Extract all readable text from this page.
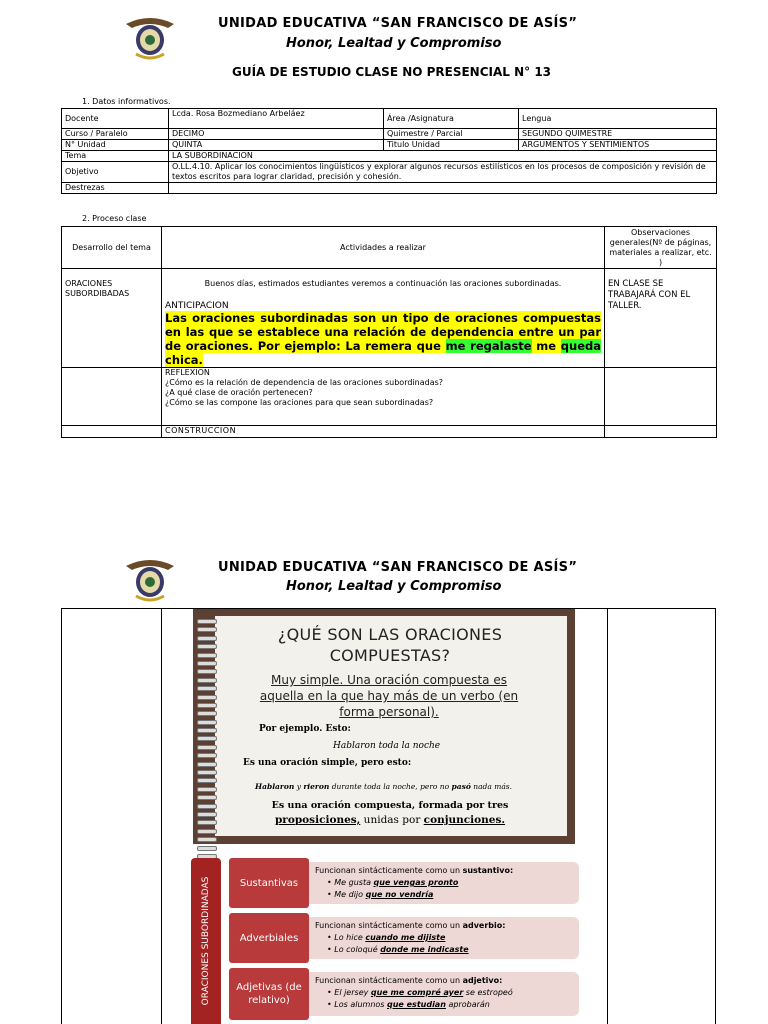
UNIDAD EDUCATIVA “SAN FRANCISCO DE ASÍS”
Honor, Lealtad y Compromiso
GUÍA DE ESTUDIO CLASE NO PRESENCIAL N° 13
1. Datos informativos.
Docente	Lcda. Rosa Bozmediano Arbeláez	Área /Asignatura	Lengua
Curso / Paralelo	DECIMO	Quimestre / Parcial	SEGUNDO QUIMESTRE
N° Unidad	QUINTA	Titulo Unidad	ARGUMENTOS Y SENTIMIENTOS
Tema	LA SUBORDINACION		
Objetivo	O.LL.4.10. Aplicar los conocimientos lingüísticos y explorar algunos recursos estilísticos en los procesos de composición y revisión de textos escritos para lograr claridad, precisión y cohesión.		
Destrezas			
2. Proceso clase
Desarrollo del tema	Actividades a realizar	Observaciones generales(Nº de páginas, materiales a realizar, etc. )
ORACIONES SUBORDIBADAS	Buenos días, estimados estudiantes veremos a continuación las oraciones subordinadas.
ANTICIPACION
Las oraciones subordinadas son un tipo de oraciones compuestas en las que se establece una relación de dependencia entre un par de oraciones. Por ejemplo: La remera que me regalaste me queda chica.	EN CLASE SE TRABAJARÁ CON EL TALLER.

	REFLEXION
¿Cómo es la relación de dependencia de las oraciones subordinadas?
¿A qué clase de oración pertenecen?
¿Cómo se las compone las oraciones para que sean subordinadas?	

	CONSTRUCCION	
UNIDAD EDUCATIVA “SAN FRANCISCO DE ASÍS”
Honor, Lealtad y Compromiso
¿QUÉ SON LAS ORACIONES COMPUESTAS?
Muy simple. Una oración compuesta es aquella en la que hay más de un verbo (en forma personal).
Por ejemplo. Esto:
Hablaron toda la noche
Es una oración simple, pero esto:
Hablaron y rieron durante toda la noche, pero no pasó nada más.
Es una oración compuesta, formada por tres
proposiciones, unidas por conjunciones.
ORACIONES SUBORDINADAS	Sustantivas
Funcionan sintácticamente como un sustantivo:
• Me gusta que vengas pronto
• Me dijo que no vendría
Adverbiales
Funcionan sintácticamente como un adverbio:
• Lo hice cuando me dijiste
• Lo coloqué donde me indicaste
Adjetivas (de relativo)
Funcionan sintácticamente como un adjetivo:
• El jersey que me compré ayer se estropeó
• Los alumnos que estudian aprobarán
